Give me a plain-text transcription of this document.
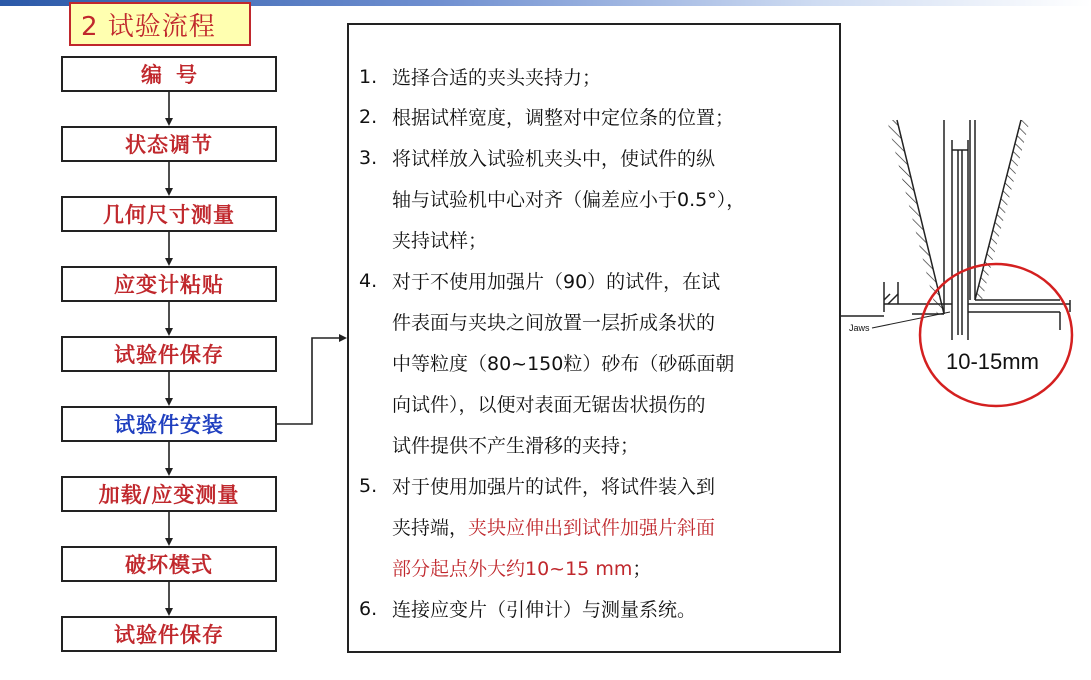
2 试验流程
编号
状态调节
几何尺寸测量
应变计粘贴
试验件保存
试验件安装
加载/应变测量
破坏模式
试验件保存
1. 选择合适的夹头夹持力；
2. 根据试样宽度，调整对中定位条的位置；
3. 将试样放入试验机夹头中，使试件的纵
轴与试验机中心对齐（偏差应小于0.5°），
夹持试样；
4. 对于不使用加强片（90）的试件，在试
件表面与夹块之间放置一层折成条状的
中等粒度（80~150粒）砂布（砂砾面朝
向试件），以便对表面无锯齿状损伤的
试件提供不产生滑移的夹持；
5. 对于使用加强片的试件，将试件装入到
夹持端，夹块应伸出到试件加强片斜面
部分起点外大约10~15 mm；
6. 连接应变片（引伸计）与测量系统。
Jaws
10-15mm
